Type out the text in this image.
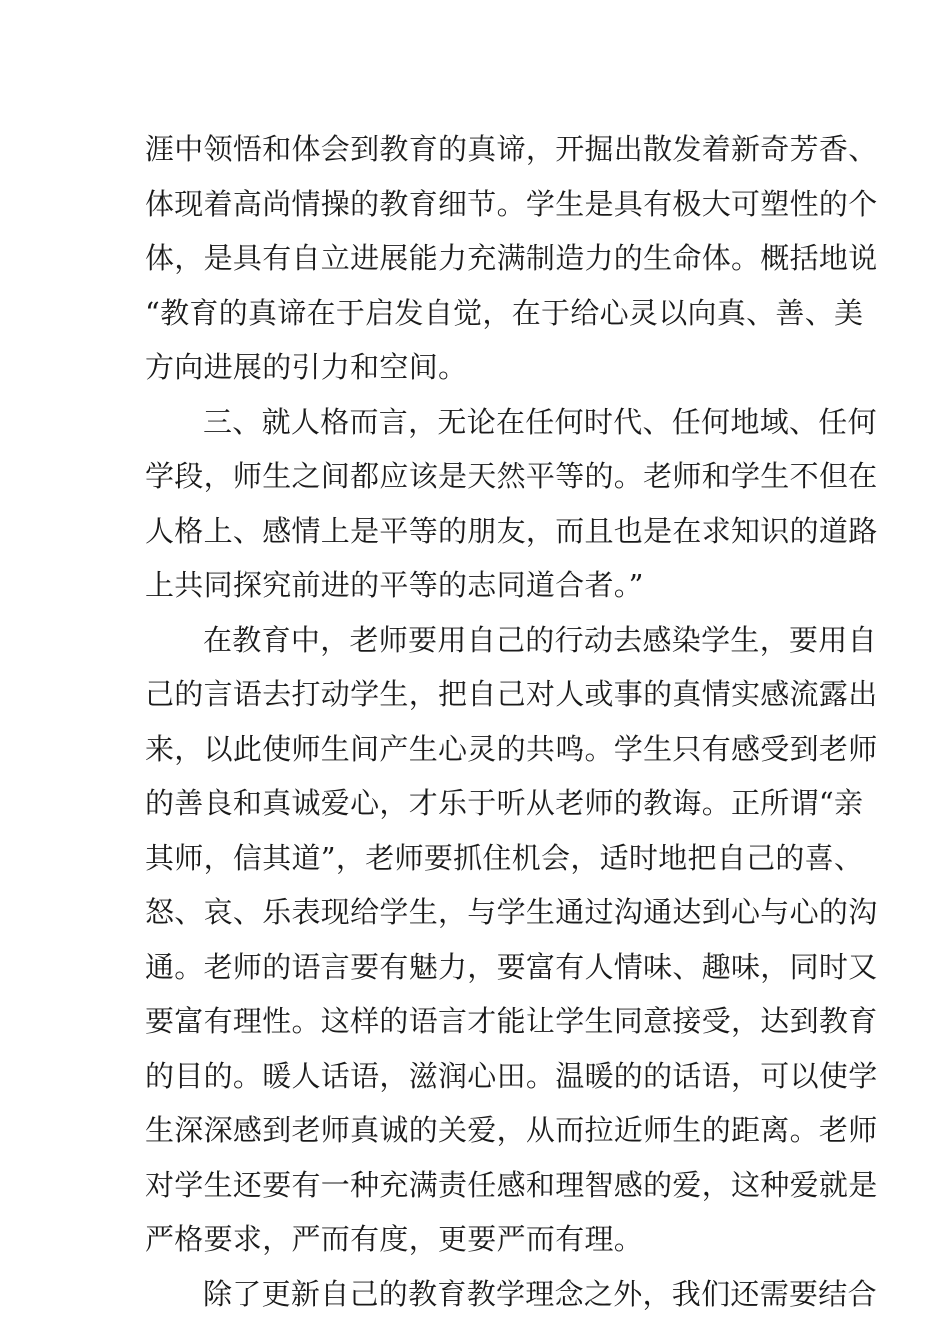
涯中领悟和体会到教育的真谛，开掘出散发着新奇芳香、
体现着高尚情操的教育细节。学生是具有极大可塑性的个
体，是具有自立进展能力充满制造力的生命体。概括地说
“教育的真谛在于启发自觉，在于给心灵以向真、善、美
方向进展的引力和空间。
三、就人格而言，无论在任何时代、任何地域、任何
学段，师生之间都应该是天然平等的。老师和学生不但在
人格上、感情上是平等的朋友，而且也是在求知识的道路
上共同探究前进的平等的志同道合者。”
在教育中，老师要用自己的行动去感染学生，要用自
己的言语去打动学生，把自己对人或事的真情实感流露出
来，以此使师生间产生心灵的共鸣。学生只有感受到老师
的善良和真诚爱心，才乐于听从老师的教诲。正所谓“亲
其师，信其道”，老师要抓住机会，适时地把自己的喜、
怒、哀、乐表现给学生，与学生通过沟通达到心与心的沟
通。老师的语言要有魅力，要富有人情味、趣味，同时又
要富有理性。这样的语言才能让学生同意接受，达到教育
的目的。暖人话语，滋润心田。温暖的的话语，可以使学
生深深感到老师真诚的关爱，从而拉近师生的距离。老师
对学生还要有一种充满责任感和理智感的爱，这种爱就是
严格要求，严而有度，更要严而有理。
除了更新自己的教育教学理念之外，我们还需要结合
